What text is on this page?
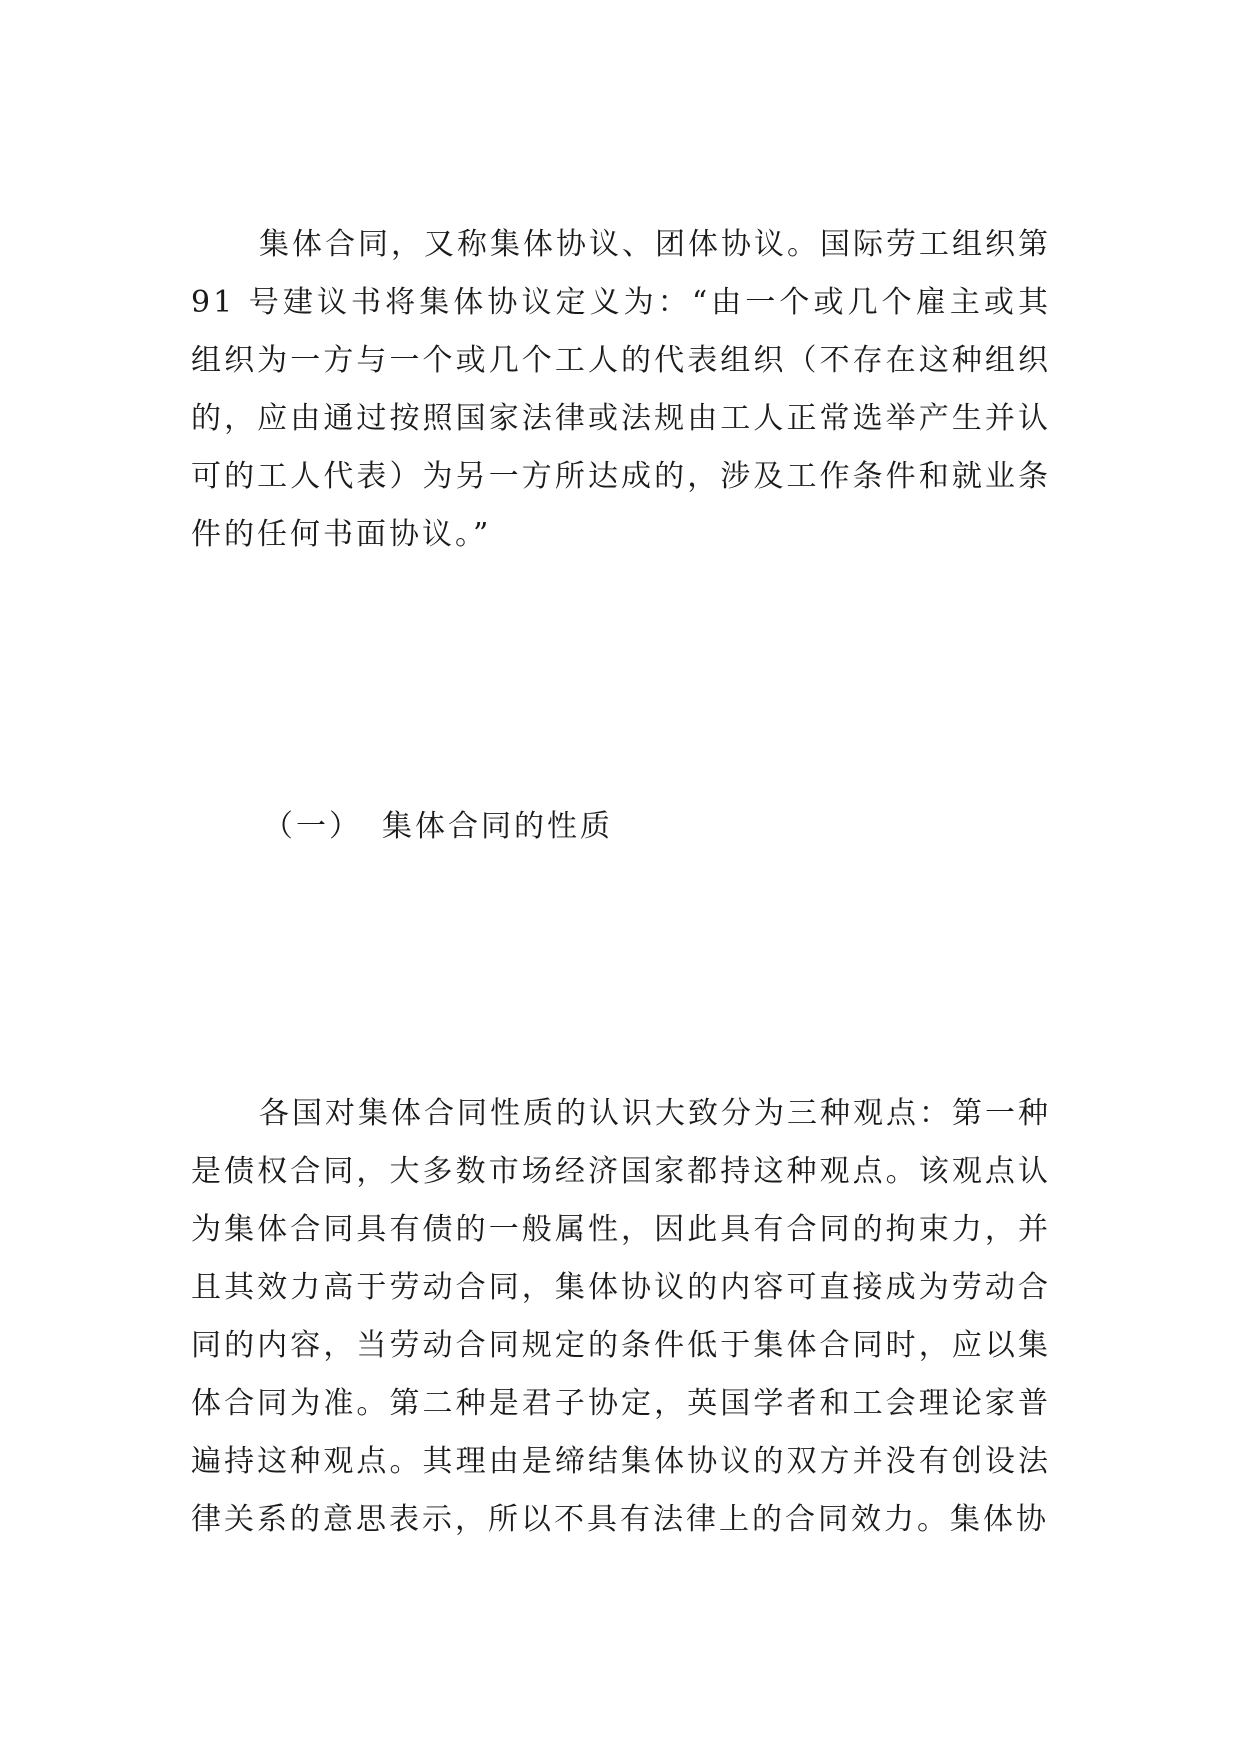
集体合同，又称集体协议、团体协议。国际劳工组织第 91 号建议书将集体协议定义为：“由一个或几个雇主或其组织为一方与一个或几个工人的代表组织（不存在这种组织的，应由通过按照国家法律或法规由工人正常选举产生并认可的工人代表）为另一方所达成的，涉及工作条件和就业条件的任何书面协议。”

（一） 集体合同的性质

各国对集体合同性质的认识大致分为三种观点：第一种是债权合同，大多数市场经济国家都持这种观点。该观点认为集体合同具有债的一般属性，因此具有合同的拘束力，并且其效力高于劳动合同，集体协议的内容可直接成为劳动合同的内容，当劳动合同规定的条件低于集体合同时，应以集体合同为准。第二种是君子协定，英国学者和工会理论家普遍持这种观点。其理由是缔结集体协议的双方并没有创设法律关系的意思表示，所以不具有法律上的合同效力。集体协
